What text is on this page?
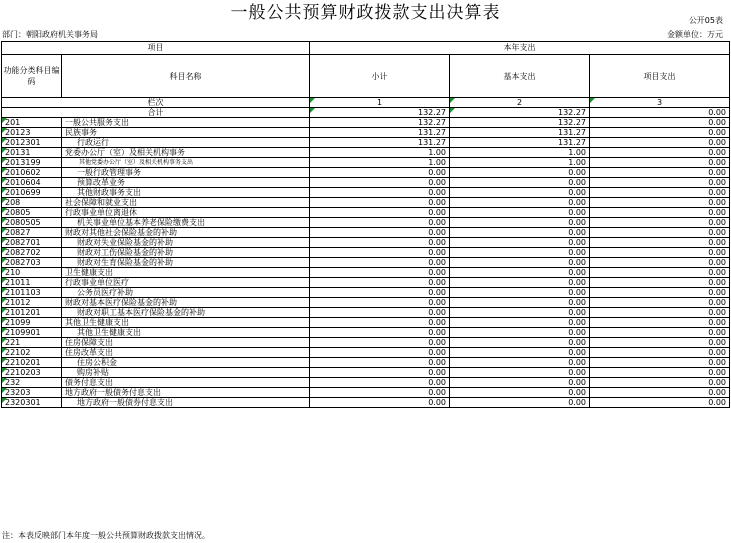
一般公共预算财政拨款支出决算表	公开05表
部门：朝阳政府机关事务局	金额单位：万元
项目		本年支出		
功能分类科目编码	科目名称	小计	基本支出	项目支出
栏次		1	2	3
合计		132.27	132.27	0.00
201	一般公共服务支出	132.27	132.27	0.00
20123	民族事务	131.27	131.27	0.00
2012301	行政运行	131.27	131.27	0.00
20131	党委办公厅（室）及相关机构事务	1.00	1.00	0.00
2013199	其他党委办公厅（室）及相关机构事务支出	1.00	1.00	0.00
2010602	一般行政管理事务	0.00	0.00	0.00
2010604	预算改革业务	0.00	0.00	0.00
2010699	其他财政事务支出	0.00	0.00	0.00
208	社会保障和就业支出	0.00	0.00	0.00
20805	行政事业单位离退休	0.00	0.00	0.00
2080505	机关事业单位基本养老保险缴费支出	0.00	0.00	0.00
20827	财政对其他社会保险基金的补助	0.00	0.00	0.00
2082701	财政对失业保险基金的补助	0.00	0.00	0.00
2082702	财政对工伤保险基金的补助	0.00	0.00	0.00
2082703	财政对生育保险基金的补助	0.00	0.00	0.00
210	卫生健康支出	0.00	0.00	0.00
21011	行政事业单位医疗	0.00	0.00	0.00
2101103	公务员医疗补助	0.00	0.00	0.00
21012	财政对基本医疗保险基金的补助	0.00	0.00	0.00
2101201	财政对职工基本医疗保险基金的补助	0.00	0.00	0.00
21099	其他卫生健康支出	0.00	0.00	0.00
2109901	其他卫生健康支出	0.00	0.00	0.00
221	住房保障支出	0.00	0.00	0.00
22102	住房改革支出	0.00	0.00	0.00
2210201	住房公积金	0.00	0.00	0.00
2210203	购房补贴	0.00	0.00	0.00
232	债务付息支出	0.00	0.00	0.00
23203	地方政府一般债务付息支出	0.00	0.00	0.00
2320301	地方政府一般债券付息支出	0.00	0.00	0.00
注：本表反映部门本年度一般公共预算财政拨款支出情况。
